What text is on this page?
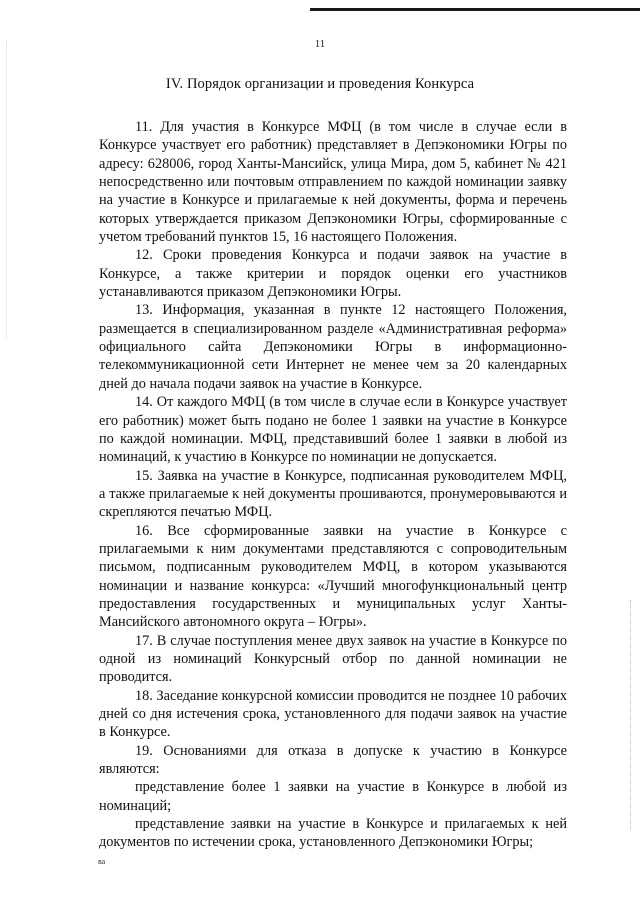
11
IV. Порядок организации и проведения Конкурса

11. Для участия в Конкурсе МФЦ (в том числе в случае если в Конкурсе участвует его работник) представляет в Депэкономики Югры по адресу: 628006, город Ханты-Мансийск, улица Мира, дом 5, кабинет № 421 непосредственно или почтовым отправлением по каждой номинации заявку на участие в Конкурсе и прилагаемые к ней документы, форма и перечень которых утверждается приказом Депэкономики Югры, сформированные с учетом требований пунктов 15, 16 настоящего Положения.

12. Сроки проведения Конкурса и подачи заявок на участие в Конкурсе, а также критерии и порядок оценки его участников устанавливаются приказом Депэкономики Югры.

13. Информация, указанная в пункте 12 настоящего Положения, размещается в специализированном разделе «Административная реформа» официального сайта Депэкономики Югры в информационно-телекоммуникационной сети Интернет не менее чем за 20 календарных дней до начала подачи заявок на участие в Конкурсе.

14. От каждого МФЦ (в том числе в случае если в Конкурсе участвует его работник) может быть подано не более 1 заявки на участие в Конкурсе по каждой номинации. МФЦ, представивший более 1 заявки в любой из номинаций, к участию в Конкурсе по номинации не допускается.

15. Заявка на участие в Конкурсе, подписанная руководителем МФЦ, а также прилагаемые к ней документы прошиваются, пронумеровываются и скрепляются печатью МФЦ.

16. Все сформированные заявки на участие в Конкурсе с прилагаемыми к ним документами представляются с сопроводительным письмом, подписанным руководителем МФЦ, в котором указываются номинации и название конкурса: «Лучший многофункциональный центр предоставления государственных и муниципальных услуг Ханты-Мансийского автономного округа – Югры».

17. В случае поступления менее двух заявок на участие в Конкурсе по одной из номинаций Конкурсный отбор по данной номинации не проводится.

18. Заседание конкурсной комиссии проводится не позднее 10 рабочих дней со дня истечения срока, установленного для подачи заявок на участие в Конкурсе.

19. Основаниями для отказа в допуске к участию в Конкурсе являются:

представление более 1 заявки на участие в Конкурсе в любой из номинаций;

представление заявки на участие в Конкурсе и прилагаемых к ней документов по истечении срока, установленного Депэкономики Югры;

ва
